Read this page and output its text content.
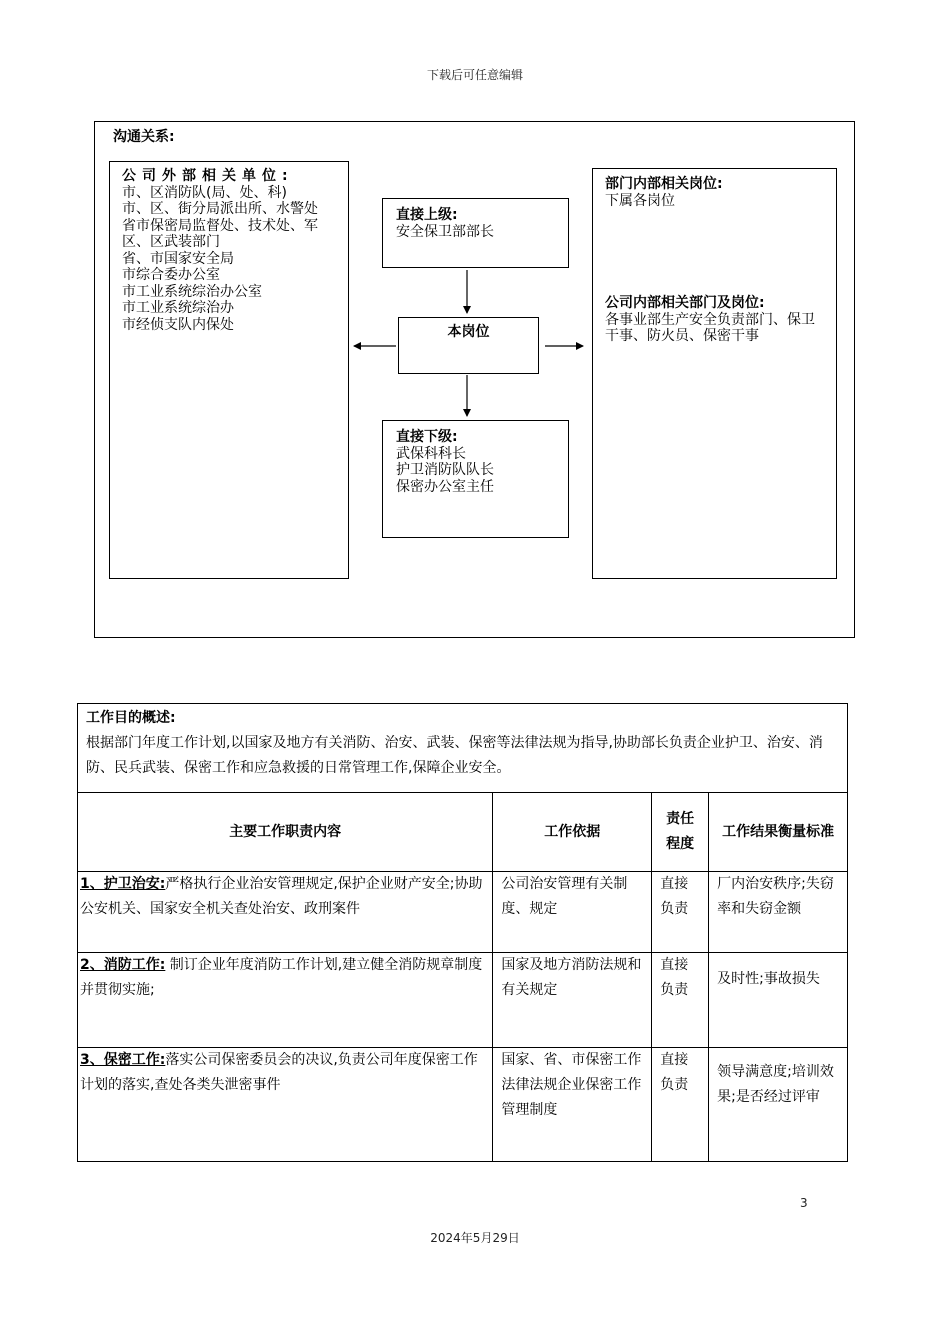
下载后可任意编辑
沟通关系:
公司外部相关单位:
市、区消防队(局、处、科)
市、区、街分局派出所、水警处
省市保密局监督处、技术处、军区、区武装部门
省、市国家安全局
市综合委办公室
市工业系统综治办公室
市工业系统综治办
市经侦支队内保处
直接上级:
安全保卫部部长
本岗位
直接下级:
武保科科长
护卫消防队队长
保密办公室主任
部门内部相关岗位:
下属各岗位
公司内部相关部门及岗位:
各事业部生产安全负责部门、保卫干事、防火员、保密干事
工作目的概述:
根据部门年度工作计划,以国家及地方有关消防、治安、武装、保密等法律法规为指导,协助部长负责企业护卫、治安、消防、民兵武装、保密工作和应急救援的日常管理工作,保障企业安全。			

主要工作职责内容	工作依据	责任程度	工作结果衡量标准
1、护卫治安:严格执行企业治安管理规定,保护企业财产安全;协助公安机关、国家安全机关查处治安、政刑案件	公司治安管理有关制度、规定	直接负责	厂内治安秩序;失窃率和失窃金额
2、消防工作: 制订企业年度消防工作计划,建立健全消防规章制度并贯彻实施;	国家及地方消防法规和有关规定	直接负责	及时性;事故损失
3、保密工作:落实公司保密委员会的决议,负责公司年度保密工作计划的落实,查处各类失泄密事件	国家、省、市保密工作法律法规企业保密工作管理制度	直接负责	领导满意度;培训效果;是否经过评审
3
2024年5月29日
